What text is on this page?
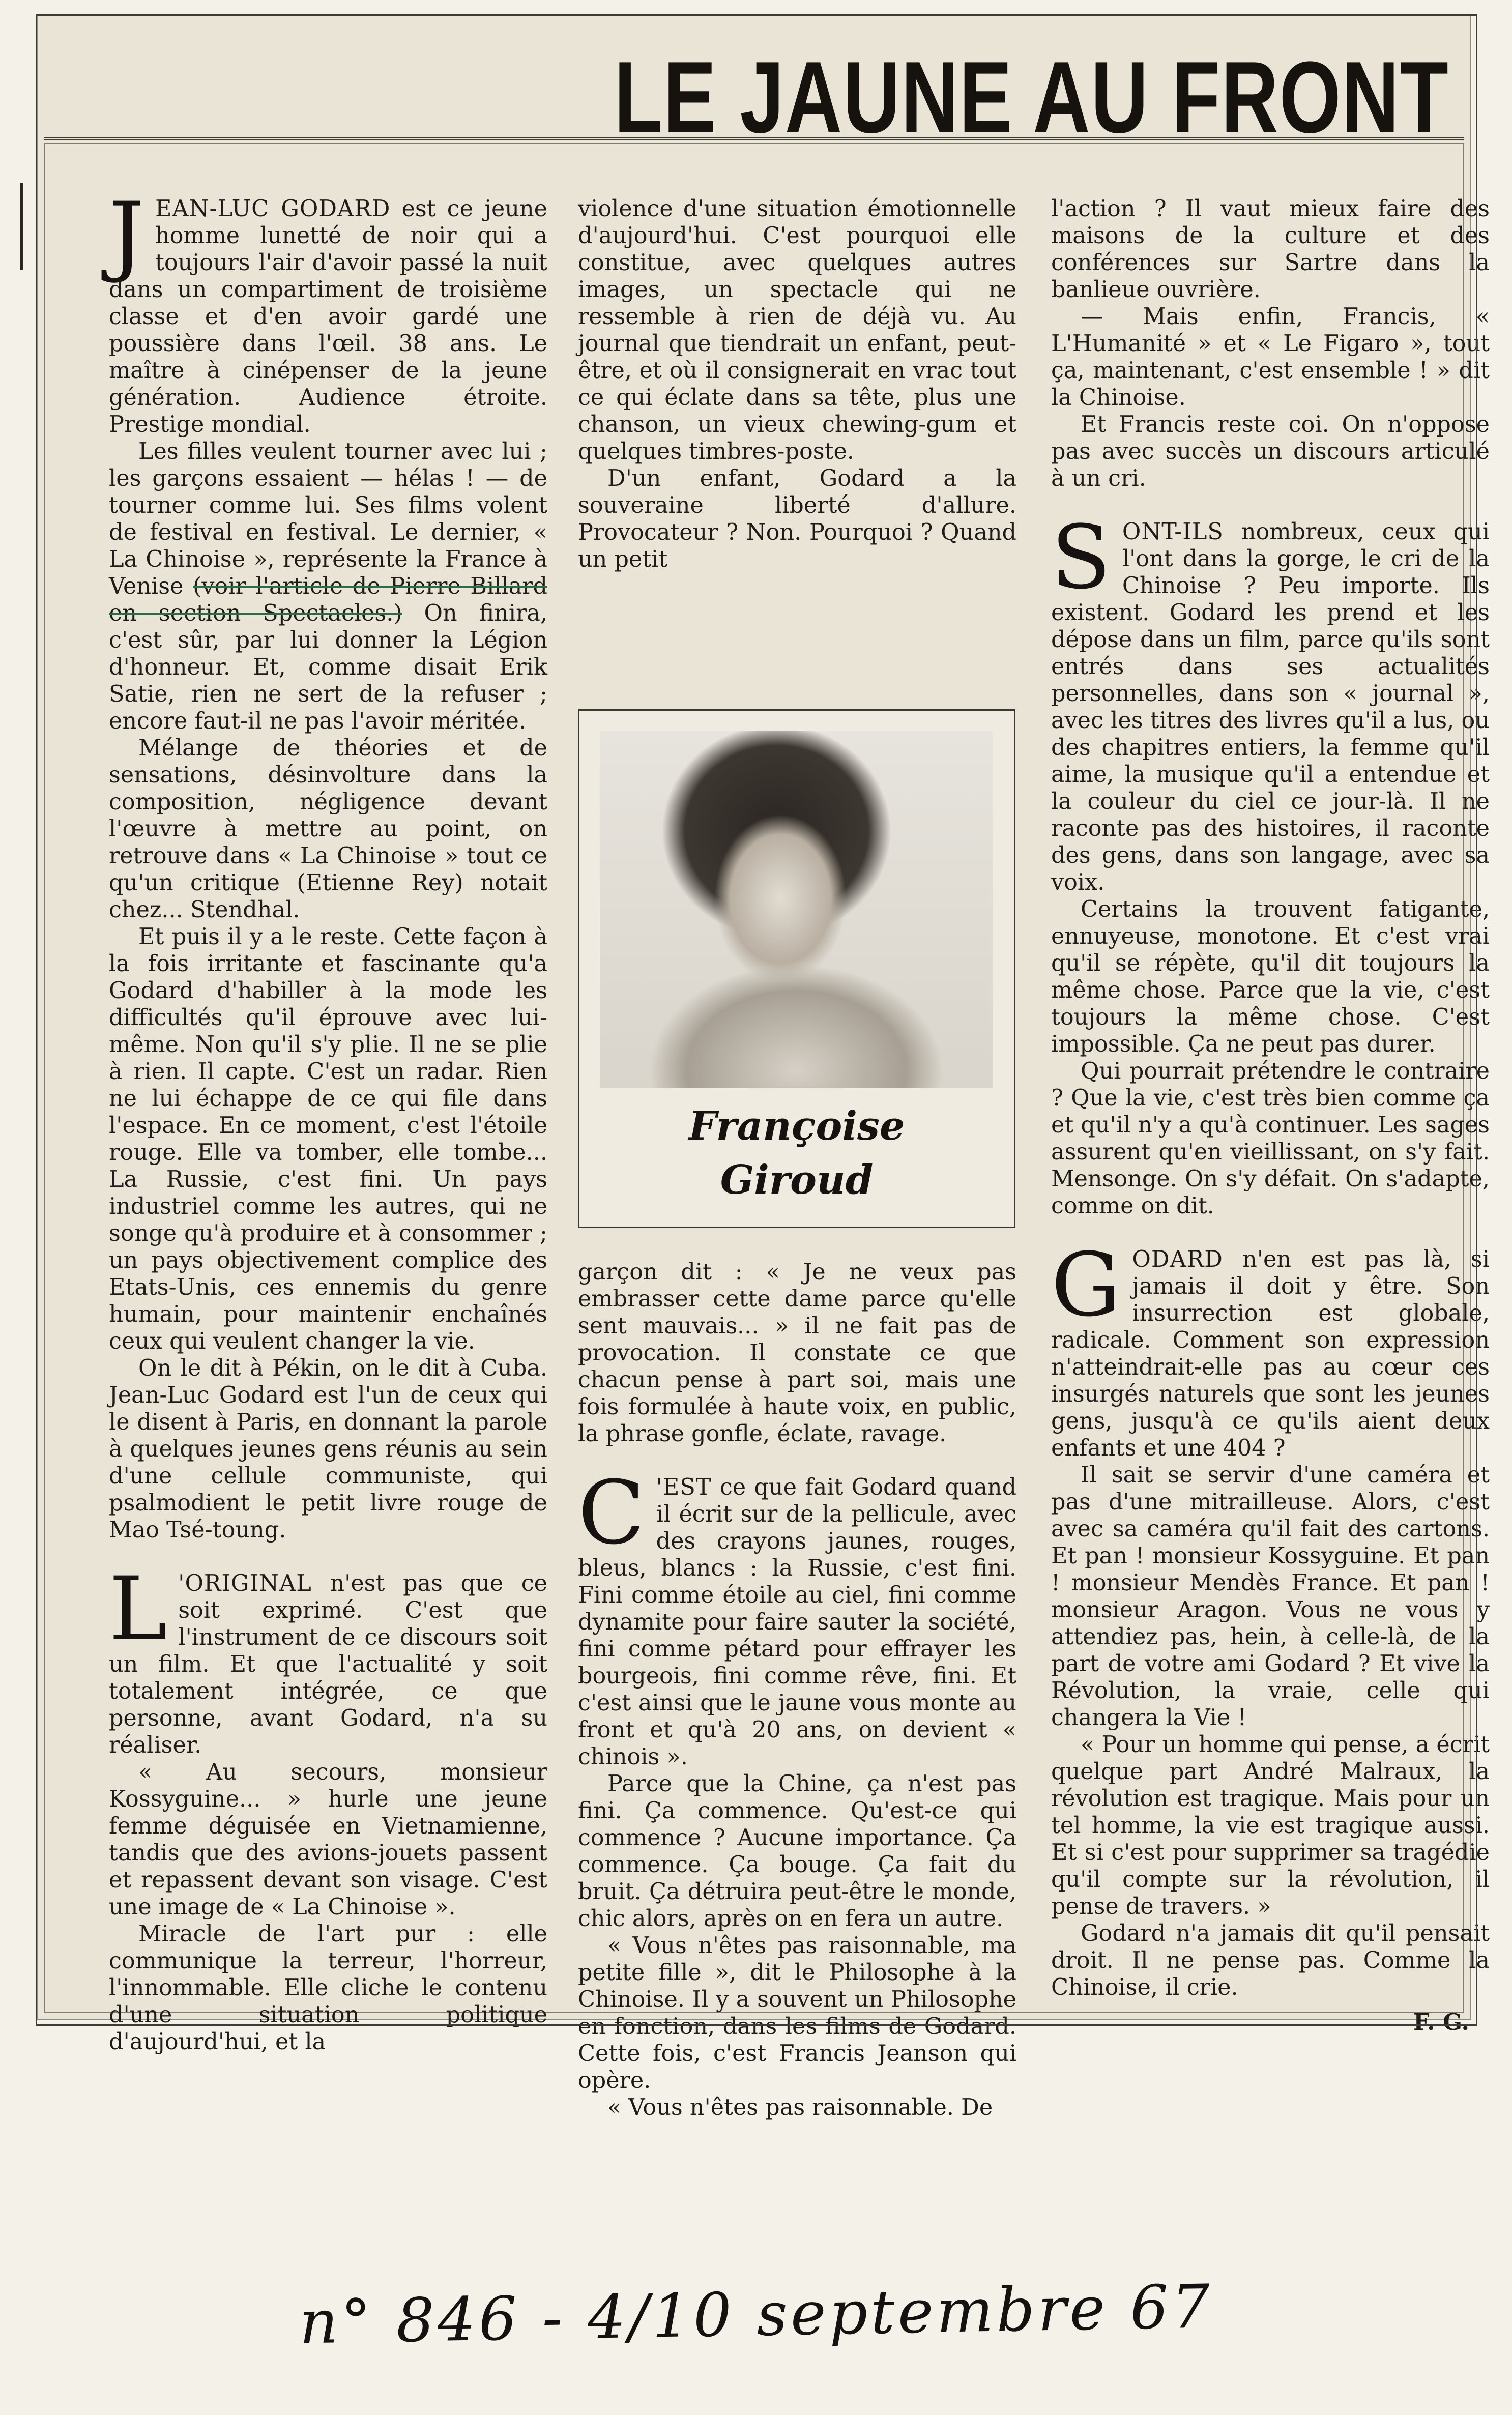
LE JAUNE AU FRONT

JEAN-LUC GODARD est ce jeune homme lunetté de noir qui a toujours l'air d'avoir passé la nuit dans un compartiment de troisième classe et d'en avoir gardé une poussière dans l'œil. 38 ans. Le maître à cinépenser de la jeune génération. Audience étroite. Prestige mondial.

Les filles veulent tourner avec lui ; les garçons essaient — hélas ! — de tourner comme lui. Ses films volent de festival en festival. Le dernier, « La Chinoise », représente la France à Venise (voir l'article de Pierre Billard en section Spectacles.) On finira, c'est sûr, par lui donner la Légion d'honneur. Et, comme disait Erik Satie, rien ne sert de la refuser ; encore faut-il ne pas l'avoir méritée.

Mélange de théories et de sensations, désinvolture dans la composition, négligence devant l'œuvre à mettre au point, on retrouve dans « La Chinoise » tout ce qu'un critique (Etienne Rey) notait chez... Stendhal.

Et puis il y a le reste. Cette façon à la fois irritante et fascinante qu'a Godard d'habiller à la mode les difficultés qu'il éprouve avec lui-même. Non qu'il s'y plie. Il ne se plie à rien. Il capte. C'est un radar. Rien ne lui échappe de ce qui file dans l'espace. En ce moment, c'est l'étoile rouge. Elle va tomber, elle tombe... La Russie, c'est fini. Un pays industriel comme les autres, qui ne songe qu'à produire et à consommer ; un pays objectivement complice des Etats-Unis, ces ennemis du genre humain, pour maintenir enchaînés ceux qui veulent changer la vie.

On le dit à Pékin, on le dit à Cuba. Jean-Luc Godard est l'un de ceux qui le disent à Paris, en donnant la parole à quelques jeunes gens réunis au sein d'une cellule communiste, qui psalmodient le petit livre rouge de Mao Tsé-toung.

L 'ORIGINAL n'est pas que ce soit exprimé. C'est que l'instrument de ce discours soit un film. Et que l'actualité y soit totalement intégrée, ce que personne, avant Godard, n'a su réaliser.

« Au secours, monsieur Kossyguine... » hurle une jeune femme déguisée en Vietnamienne, tandis que des avions-jouets passent et repassent devant son visage. C'est une image de « La Chinoise ».

Miracle de l'art pur : elle communique la terreur, l'horreur, l'innommable. Elle cliche le contenu d'une situation politique d'aujourd'hui, et la

violence d'une situation émotionnelle d'aujourd'hui. C'est pourquoi elle constitue, avec quelques autres images, un spectacle qui ne ressemble à rien de déjà vu. Au journal que tiendrait un enfant, peut-être, et où il consignerait en vrac tout ce qui éclate dans sa tête, plus une chanson, un vieux chewing-gum et quelques timbres-poste.

D'un enfant, Godard a la souveraine liberté d'allure. Provocateur ? Non. Pourquoi ? Quand un petit

Françoise
Giroud

garçon dit : « Je ne veux pas embrasser cette dame parce qu'elle sent mauvais... » il ne fait pas de provocation. Il constate ce que chacun pense à part soi, mais une fois formulée à haute voix, en public, la phrase gonfle, éclate, ravage.

C 'EST ce que fait Godard quand il écrit sur de la pellicule, avec des crayons jaunes, rouges, bleus, blancs : la Russie, c'est fini. Fini comme étoile au ciel, fini comme dynamite pour faire sauter la société, fini comme pétard pour effrayer les bourgeois, fini comme rêve, fini. Et c'est ainsi que le jaune vous monte au front et qu'à 20 ans, on devient « chinois ».

Parce que la Chine, ça n'est pas fini. Ça commence. Qu'est-ce qui commence ? Aucune importance. Ça commence. Ça bouge. Ça fait du bruit. Ça détruira peut-être le monde, chic alors, après on en fera un autre.

« Vous n'êtes pas raisonnable, ma petite fille », dit le Philosophe à la Chinoise. Il y a souvent un Philosophe en fonction, dans les films de Godard. Cette fois, c'est Francis Jeanson qui opère.

« Vous n'êtes pas raisonnable. De

l'action ? Il vaut mieux faire des maisons de la culture et des conférences sur Sartre dans la banlieue ouvrière.

— Mais enfin, Francis, « L'Humanité » et « Le Figaro », tout ça, maintenant, c'est ensemble ! » dit la Chinoise.

Et Francis reste coi. On n'oppose pas avec succès un discours articulé à un cri.

SONT-ILS nombreux, ceux qui l'ont dans la gorge, le cri de la Chinoise ? Peu importe. Ils existent. Godard les prend et les dépose dans un film, parce qu'ils sont entrés dans ses actualités personnelles, dans son « journal », avec les titres des livres qu'il a lus, ou des chapitres entiers, la femme qu'il aime, la musique qu'il a entendue et la couleur du ciel ce jour-là. Il ne raconte pas des histoires, il raconte des gens, dans son langage, avec sa voix.

Certains la trouvent fatigante, ennuyeuse, monotone. Et c'est vrai qu'il se répète, qu'il dit toujours la même chose. Parce que la vie, c'est toujours la même chose. C'est impossible. Ça ne peut pas durer.

Qui pourrait prétendre le contraire ? Que la vie, c'est très bien comme ça et qu'il n'y a qu'à continuer. Les sages assurent qu'en vieillissant, on s'y fait. Mensonge. On s'y défait. On s'adapte, comme on dit.

GODARD n'en est pas là, si jamais il doit y être. Son insurrection est globale, radicale. Comment son expression n'atteindrait-elle pas au cœur ces insurgés naturels que sont les jeunes gens, jusqu'à ce qu'ils aient deux enfants et une 404 ?

Il sait se servir d'une caméra et pas d'une mitrailleuse. Alors, c'est avec sa caméra qu'il fait des cartons. Et pan ! monsieur Kossyguine. Et pan ! monsieur Mendès France. Et pan ! monsieur Aragon. Vous ne vous y attendiez pas, hein, à celle-là, de la part de votre ami Godard ? Et vive la Révolution, la vraie, celle qui changera la Vie !

« Pour un homme qui pense, a écrit quelque part André Malraux, la révolution est tragique. Mais pour un tel homme, la vie est tragique aussi. Et si c'est pour supprimer sa tragédie qu'il compte sur la révolution, il pense de travers. »

Godard n'a jamais dit qu'il pensait droit. Il ne pense pas. Comme la Chinoise, il crie.

F. G.

n° 846 - 4/10 septembre 67
